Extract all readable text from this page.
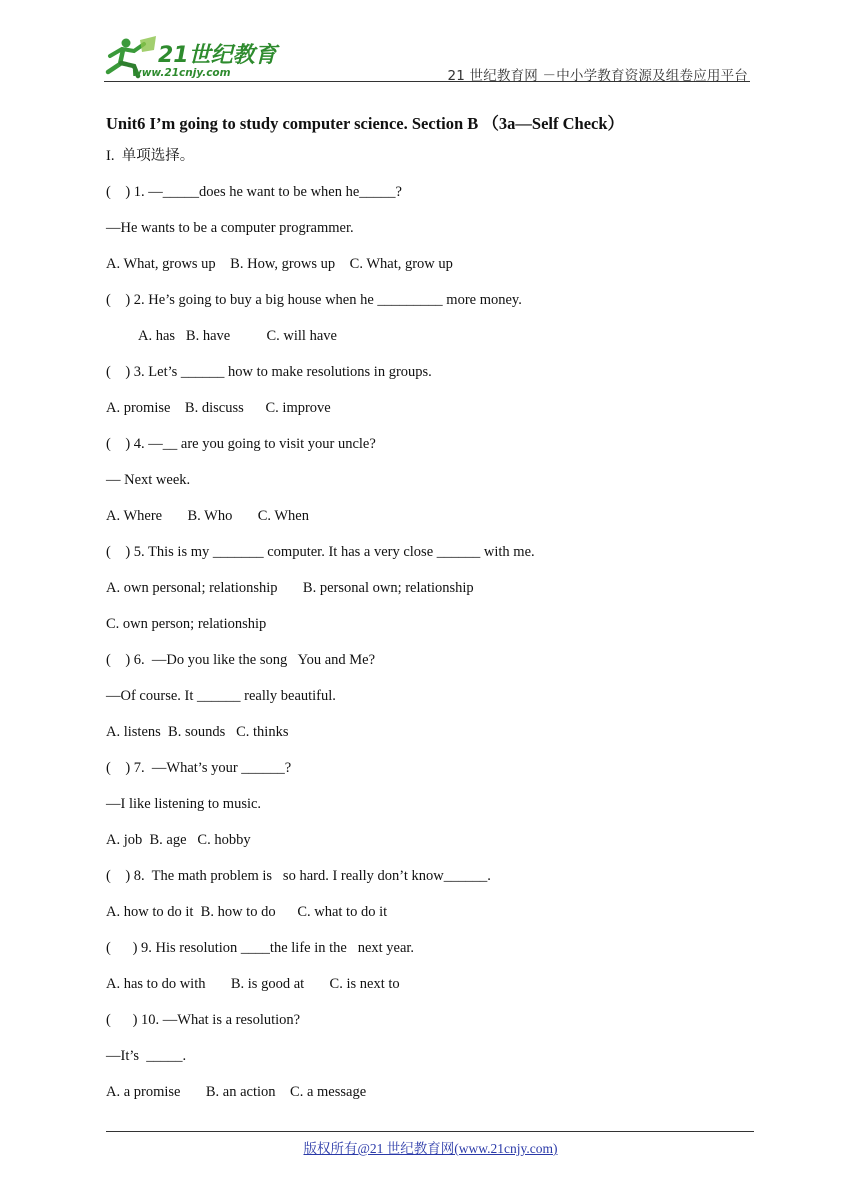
21世纪教育
www.21cnjy.com	21 世纪教育网 －中小学教育资源及组卷应用平台
Unit6 I’m going to study computer science. Section B （3a—Self Check）
I.  单项选择。
(    ) 1. —_____does he want to be when he_____?
—He wants to be a computer programmer.
A. What, grows up    B. How, grows up    C. What, grow up
(    ) 2. He’s going to buy a big house when he _________ more money.
A. has   B. have          C. will have
(    ) 3. Let’s ______ how to make resolutions in groups.
A. promise    B. discuss      C. improve
(    ) 4. —__ are you going to visit your uncle?
— Next week.
A. Where       B. Who       C. When
(    ) 5. This is my _______ computer. It has a very close ______ with me.
A. own personal; relationship       B. personal own; relationship
C. own person; relationship
(    ) 6.  —Do you like the song   You and Me?
—Of course. It ______ really beautiful.
A. listens  B. sounds   C. thinks
(    ) 7.  —What’s your ______?
—I like listening to music.
A. job  B. age   C. hobby
(    ) 8.  The math problem is   so hard. I really don’t know______.
A. how to do it  B. how to do      C. what to do it
(      ) 9. His resolution ____the life in the   next year.
A. has to do with       B. is good at       C. is next to
(      ) 10. —What is a resolution?
—It’s  _____.
A. a promise       B. an action    C. a message
版权所有@21 世纪教育网(www.21cnjy.com)
